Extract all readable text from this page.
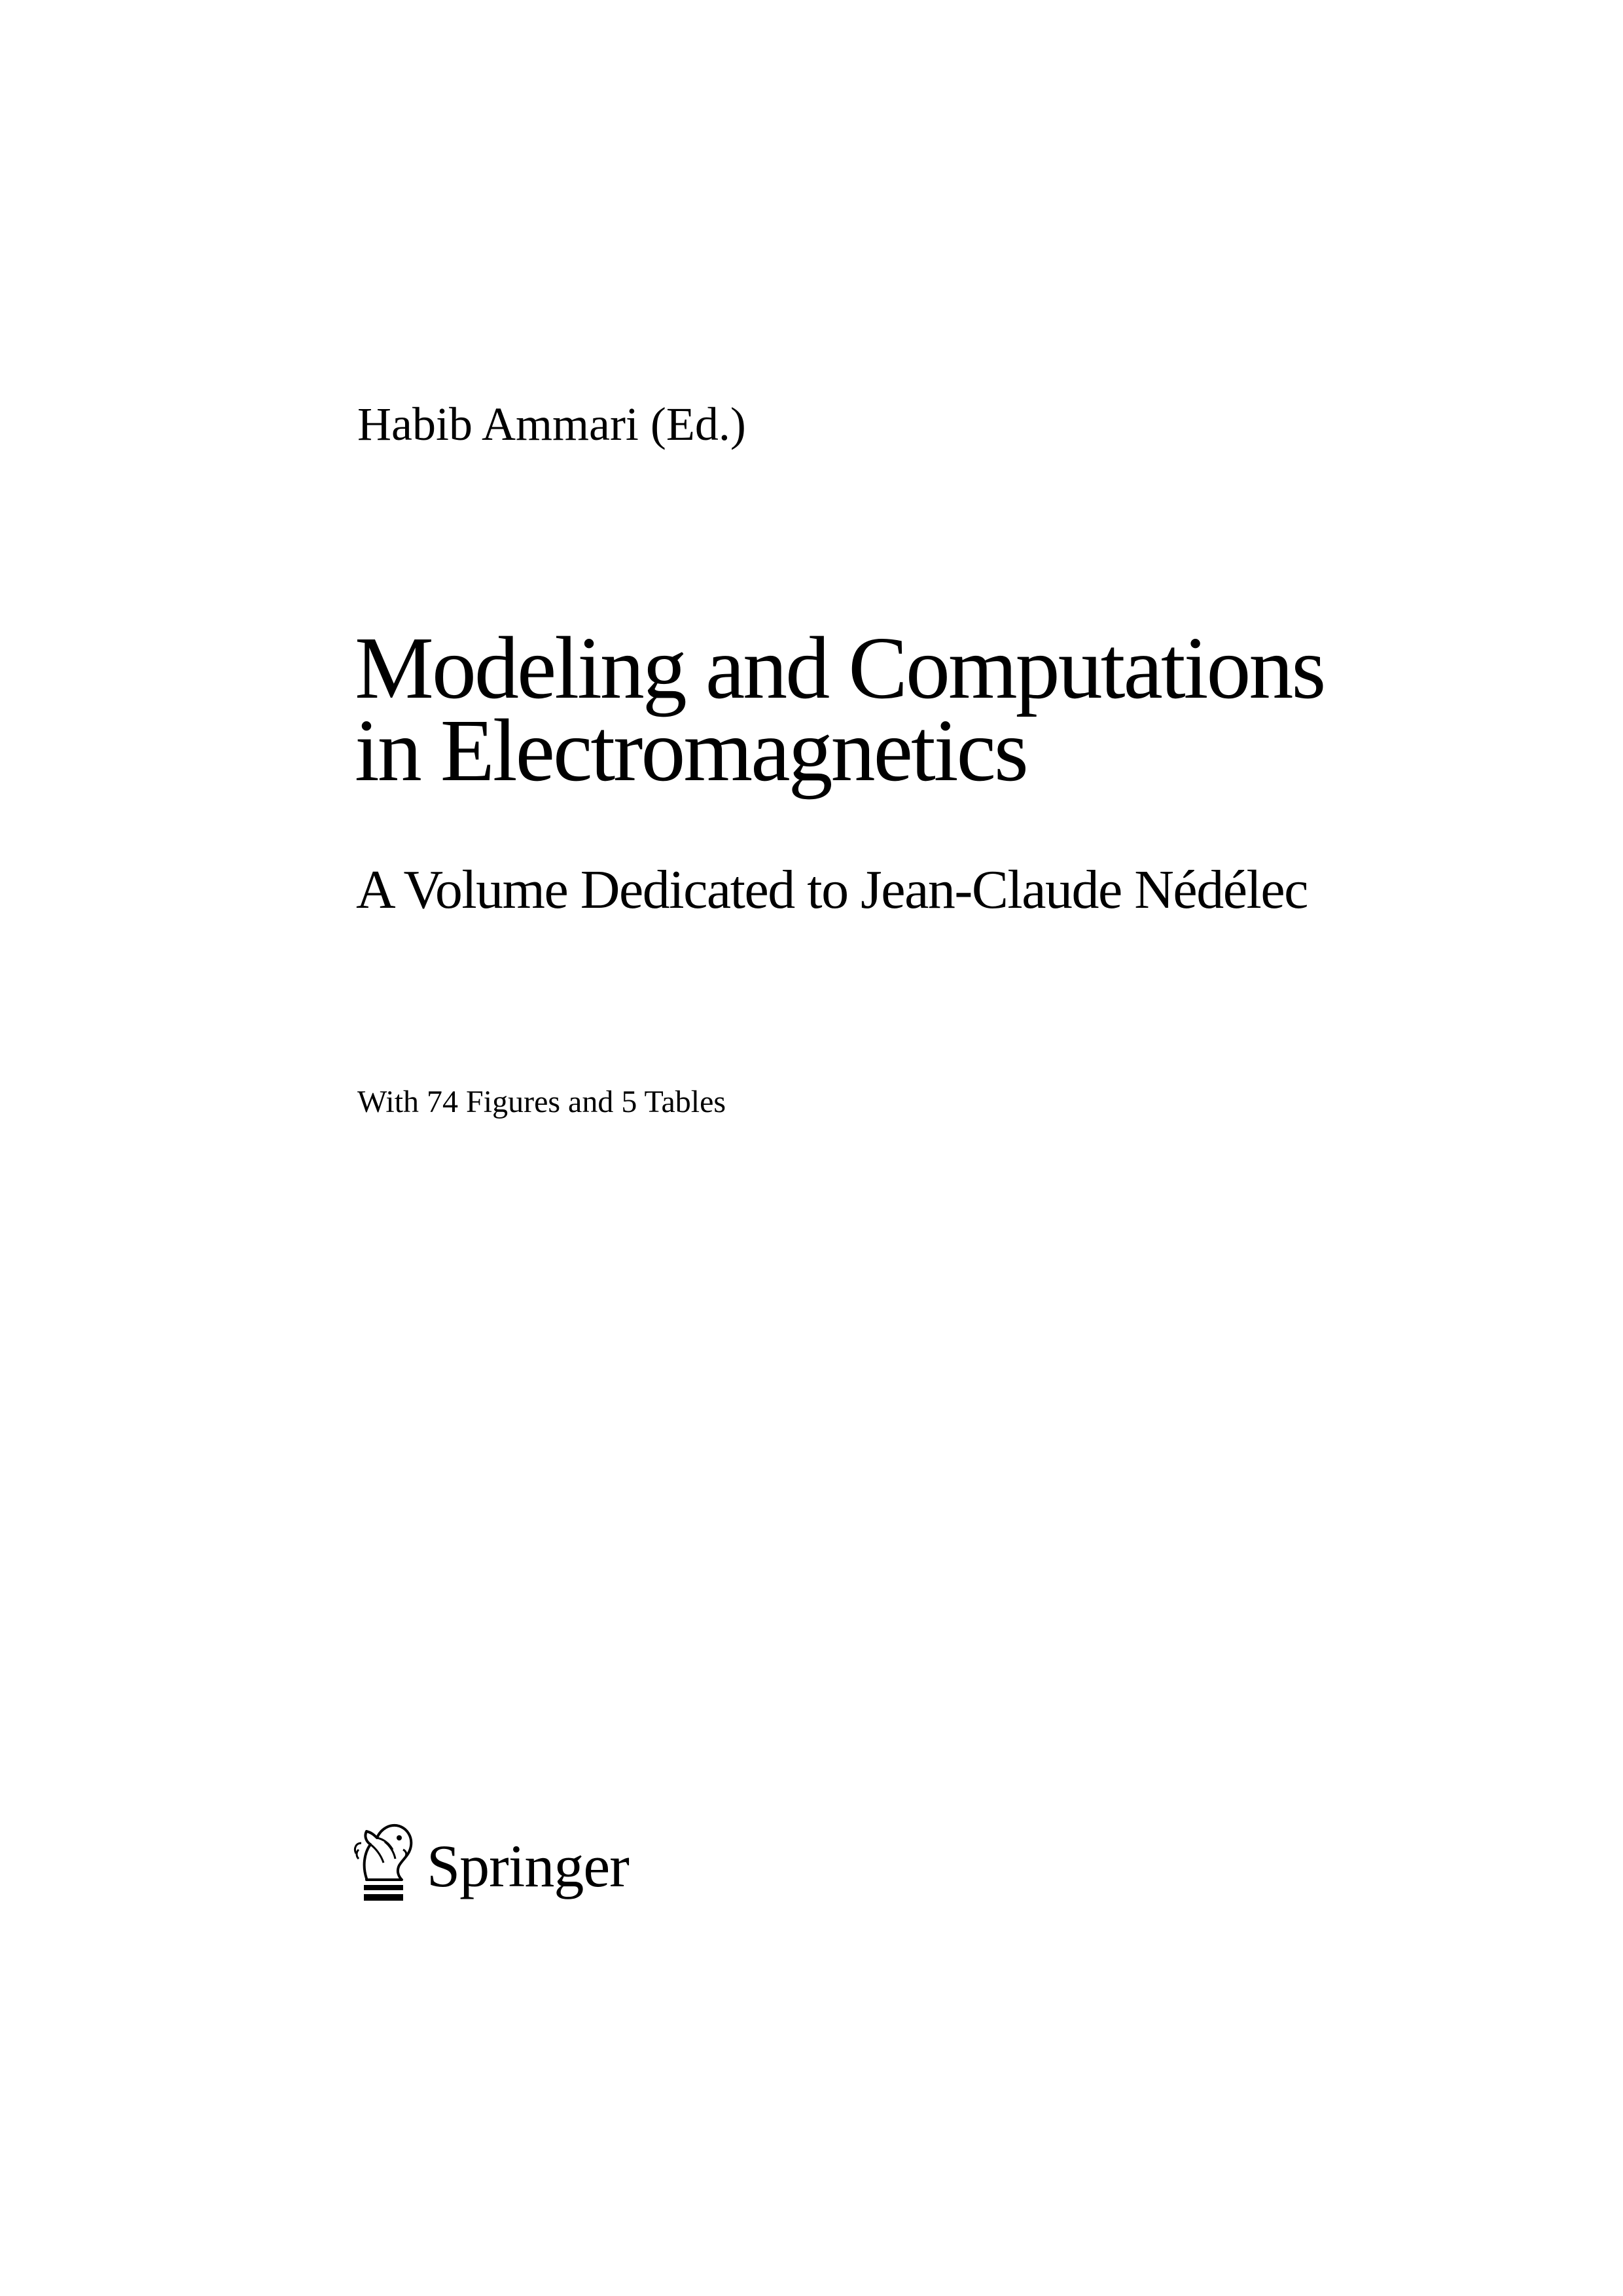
Habib Ammari (Ed.)
Modeling and Computations
in Electromagnetics
A Volume Dedicated to Jean-Claude Nédélec
With 74 Figures and 5 Tables
Springer
